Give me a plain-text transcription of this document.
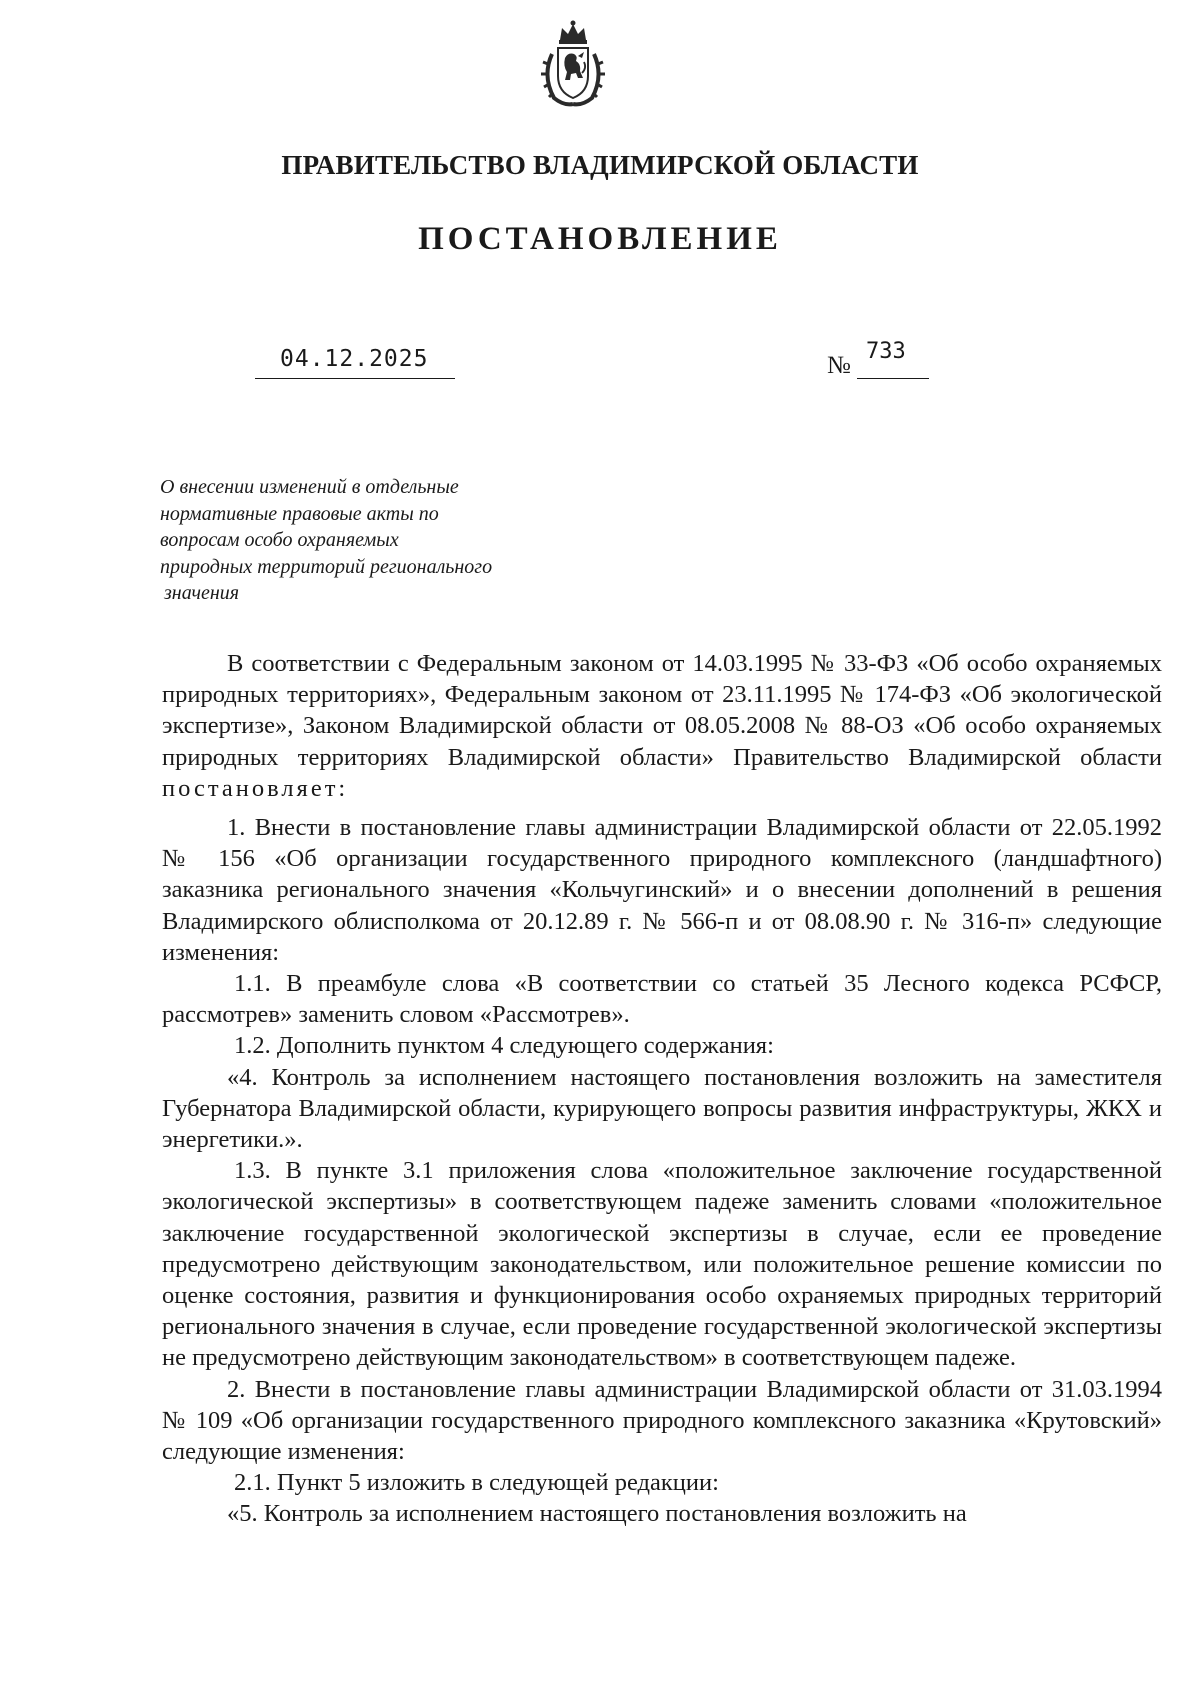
ПРАВИТЕЛЬСТВО ВЛАДИМИРСКОЙ ОБЛАСТИ
ПОСТАНОВЛЕНИЕ
04.12.2025	№
733
О внесении изменений в отдельные
нормативные правовые акты по
вопросам особо охраняемых
природных территорий регионального
значения

В соответствии с Федеральным законом от 14.03.1995 № 33-ФЗ «Об особо охраняемых природных территориях», Федеральным законом от 23.11.1995 № 174-ФЗ «Об экологической экспертизе», Законом Владимирской области от 08.05.2008 № 88-ОЗ «Об особо охраняемых природных территориях Владимирской области» Правительство Владимирской области постановляет:

1. Внести в постановление главы администрации Владимирской области от 22.05.1992 № 156 «Об организации государственного природного комплексного (ландшафтного) заказника регионального значения «Кольчугинский» и о внесении дополнений в решения Владимирского облисполкома от 20.12.89 г. № 566-п и от 08.08.90 г. № 316-п» следующие изменения:

1.1. В преамбуле слова «В соответствии со статьей 35 Лесного кодекса РСФСР, рассмотрев» заменить словом «Рассмотрев».

1.2. Дополнить пунктом 4 следующего содержания:

«4. Контроль за исполнением настоящего постановления возложить на заместителя Губернатора Владимирской области, курирующего вопросы развития инфраструктуры, ЖКХ и энергетики.».

1.3. В пункте 3.1 приложения слова «положительное заключение государственной экологической экспертизы» в соответствующем падеже заменить словами «положительное заключение государственной экологической экспертизы в случае, если ее проведение предусмотрено действующим законодательством, или положительное решение комиссии по оценке состояния, развития и функционирования особо охраняемых природных территорий регионального значения в случае, если проведение государственной экологической экспертизы не предусмотрено действующим законодательством» в соответствующем падеже.

2. Внести в постановление главы администрации Владимирской области от 31.03.1994 № 109 «Об организации государственного природного комплексного заказника «Крутовский» следующие изменения:

2.1. Пункт 5 изложить в следующей редакции:

«5. Контроль за исполнением настоящего постановления возложить на
